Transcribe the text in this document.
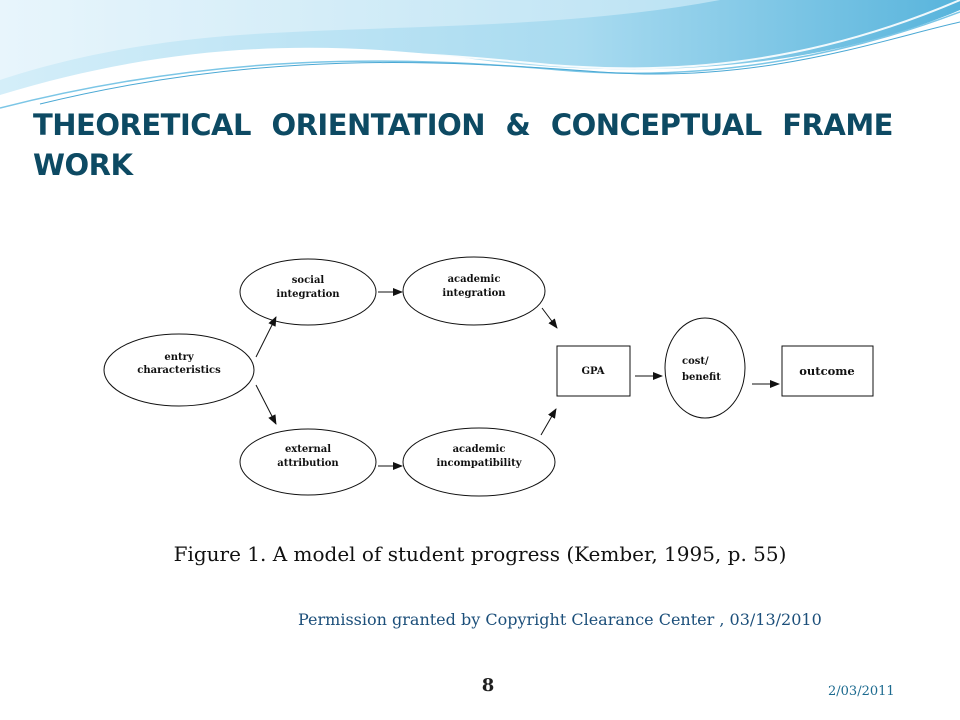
THEORETICAL ORIENTATION & CONCEPTUAL FRAME WORK
entry
characteristics
social
integration
academic
integration
external
attribution
academic
incompatibility
GPA
cost/
benefit	outcome

Figure 1. A model of student progress (Kember, 1995, p. 55)

Permission granted by Copyright Clearance Center , 03/13/2010

8	2/03/2011
